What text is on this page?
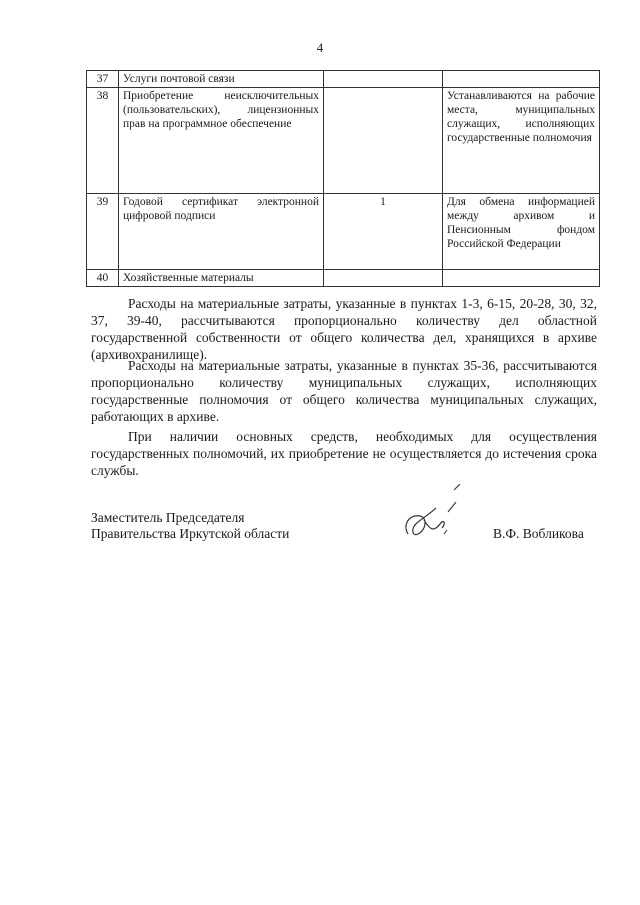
4
37	Услуги почтовой связи		
38	Приобретение неисключительных (пользовательских), лицензионных прав на программное обеспечение		Устанавливаются на рабочие места, муниципальных служащих, исполняющих государственные полномочия
39	Годовой сертификат электронной цифровой подписи	1	Для обмена информацией между архивом и Пенсионным фондом Российской Федерации
40	Хозяйственные материалы		

Расходы на материальные затраты, указанные в пунктах 1-3, 6-15, 20-28, 30, 32, 37, 39-40, рассчитываются пропорционально количеству дел областной государственной собственности от общего количества дел, хранящихся в архиве (архивохранилище).

Расходы на материальные затраты, указанные в пунктах 35-36, рассчитываются пропорционально количеству муниципальных служащих, исполняющих государственные полномочия от общего количества муниципальных служащих, работающих в архиве.

При наличии основных средств, необходимых для осуществления государственных полномочий, их приобретение не осуществляется до истечения срока службы.

Заместитель Председателя
Правительства Иркутской области	В.Ф. Вобликова
